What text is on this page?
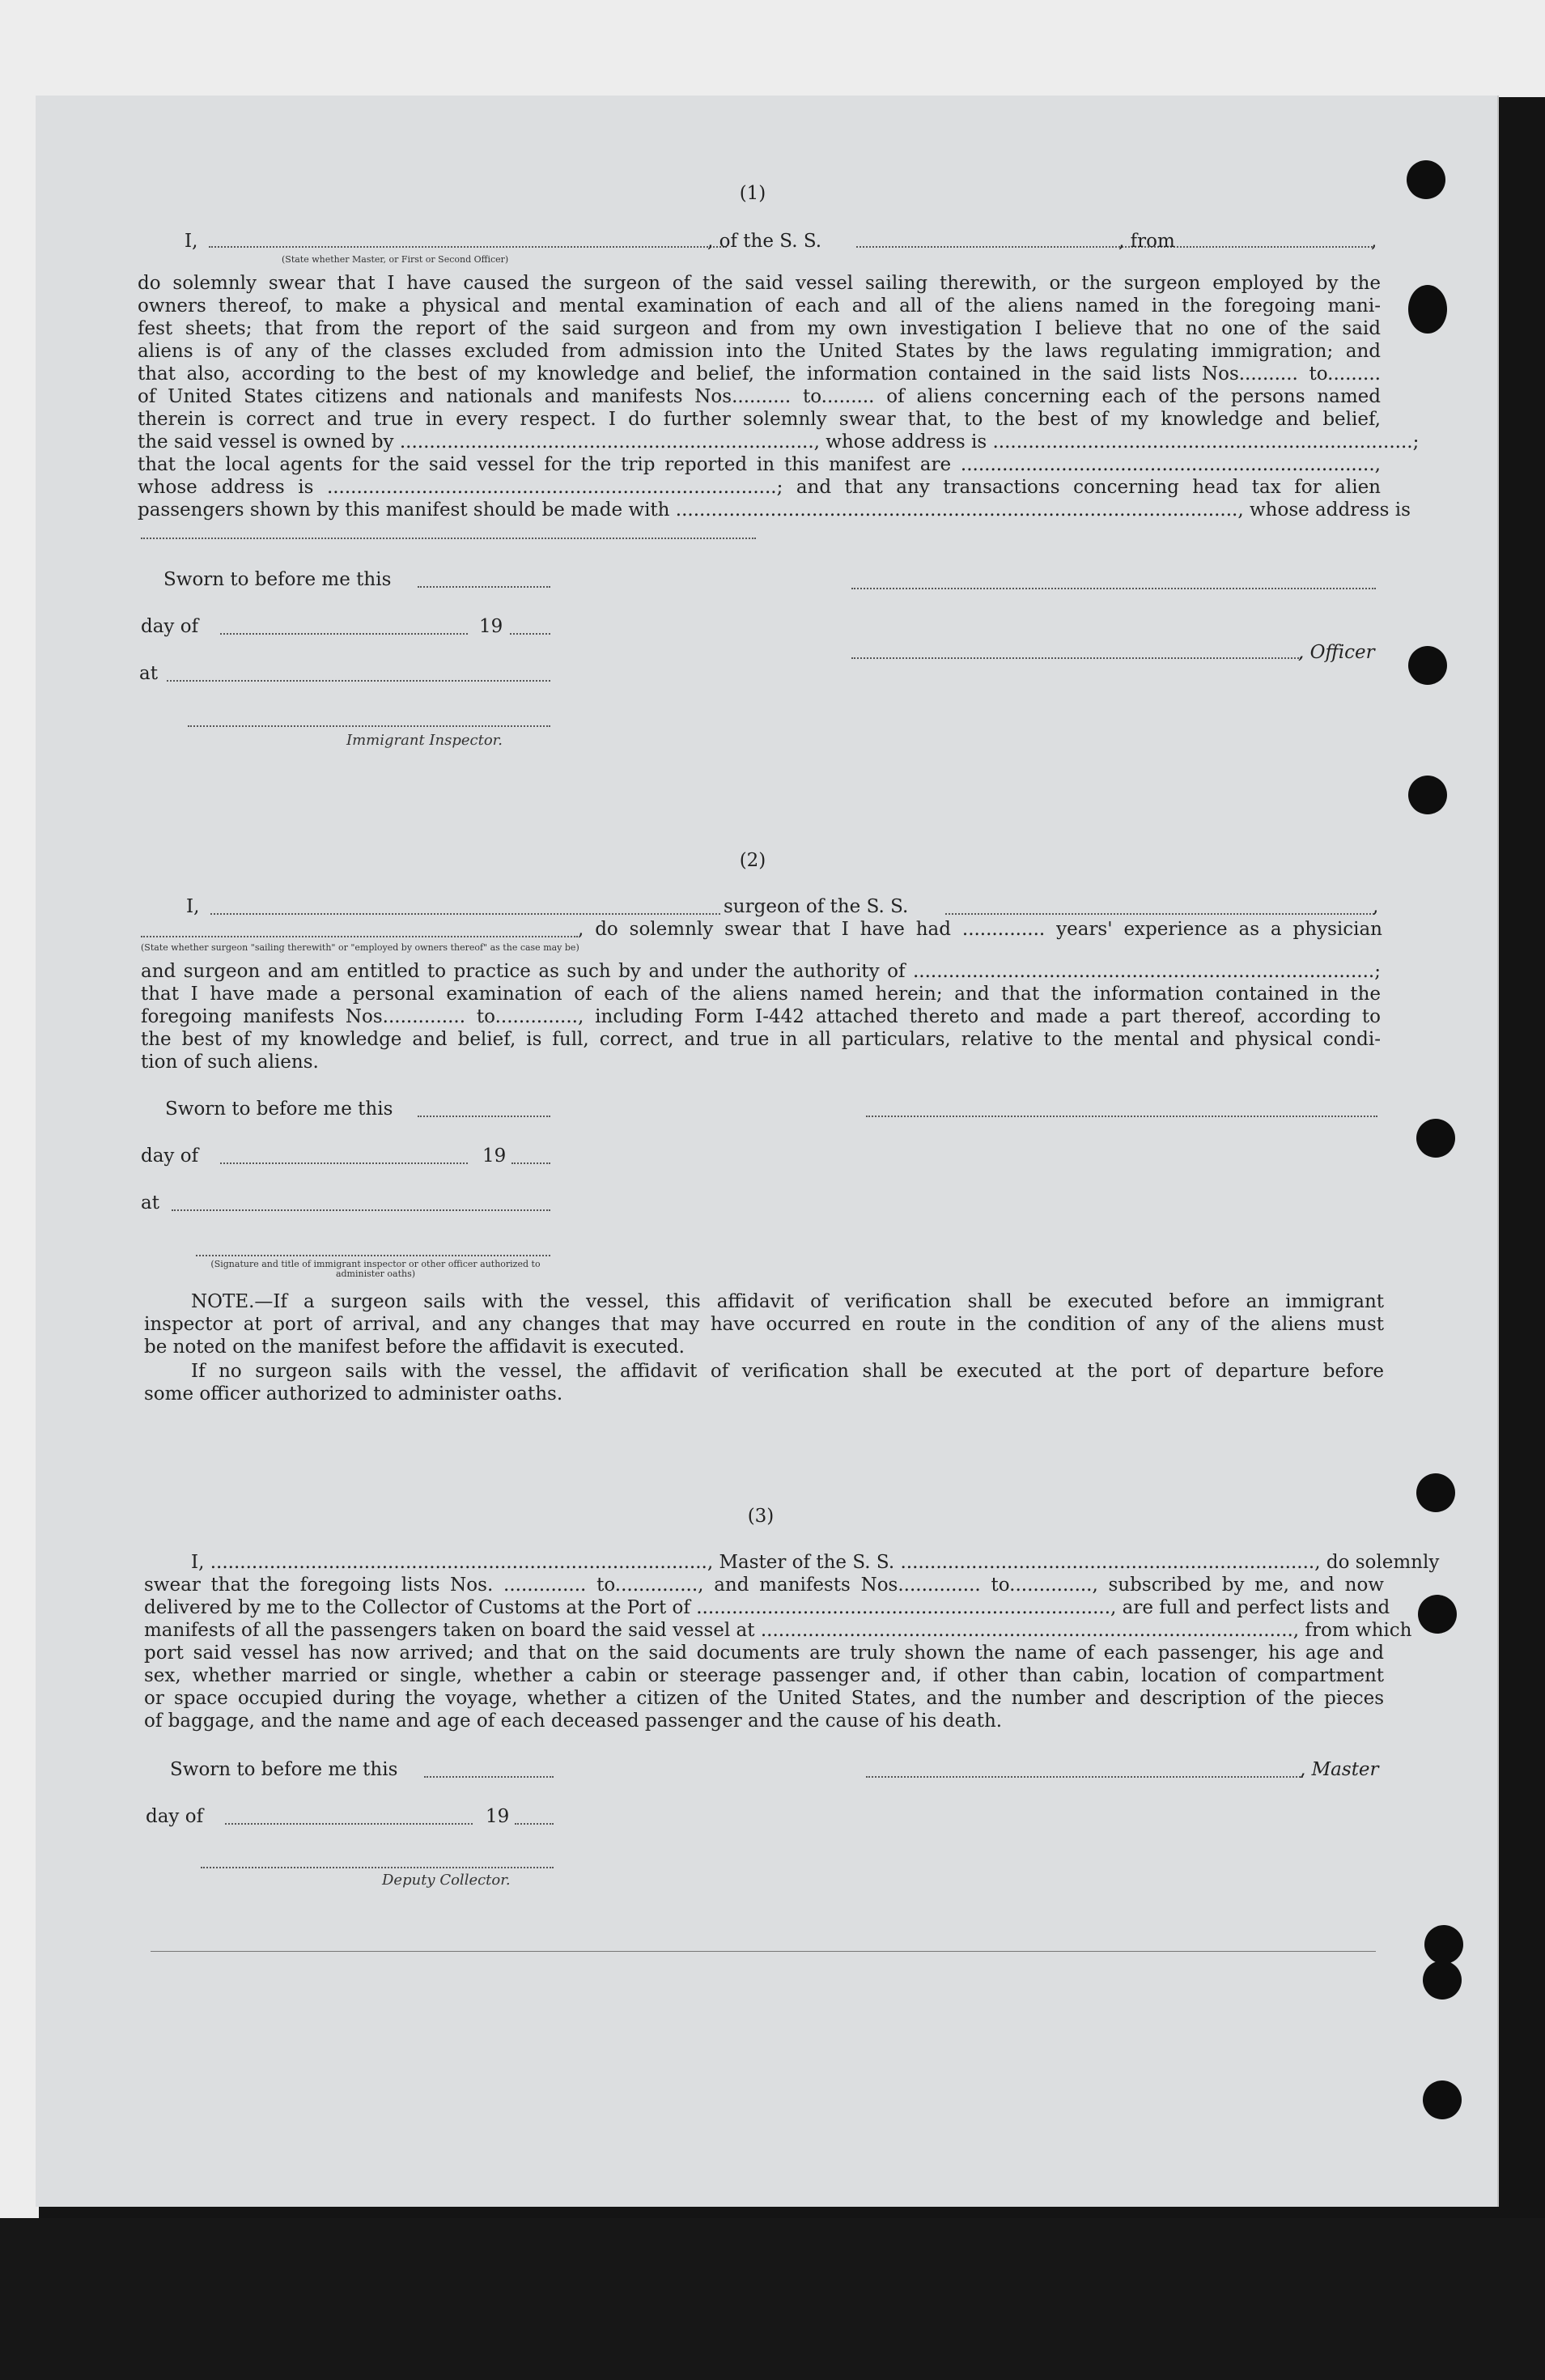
(1)
I,	, of the S. S.	, from	,
(State whether Master, or First or Second Officer)
do solemnly swear that I have caused the surgeon of the said vessel sailing therewith, or the surgeon employed by the
owners thereof, to make a physical and mental examination of each and all of the aliens named in the foregoing mani-
fest sheets; that from the report of the said surgeon and from my own investigation I believe that no one of the said
aliens is of any of the classes excluded from admission into the United States by the laws regulating immigration; and
that also, according to the best of my knowledge and belief, the information contained in the said lists Nos.......... to.........
of United States citizens and nationals and manifests Nos.......... to......... of aliens concerning each of the persons named
therein is correct and true in every respect. I do further solemnly swear that, to the best of my knowledge and belief,
the said vessel is owned by ......................................................................, whose address is .......................................................................;
that the local agents for the said vessel for the trip reported in this manifest are ......................................................................,
whose address is ............................................................................; and that any transactions concerning head tax for alien
passengers shown by this manifest should be made with ..............................................................................................., whose address is
Sworn to before me this
day of	19
at
Immigrant Inspector.
, Officer
(2)
I,	surgeon of the S. S.	,
, do solemnly swear that I have had .............. years' experience as a physician
(State whether surgeon "sailing therewith" or "employed by owners thereof" as the case may be)
and surgeon and am entitled to practice as such by and under the authority of ..............................................................................;
that I have made a personal examination of each of the aliens named herein; and that the information contained in the
foregoing manifests Nos.............. to.............., including Form I-442 attached thereto and made a part thereof, according to
the best of my knowledge and belief, is full, correct, and true in all particulars, relative to the mental and physical condi-
tion of such aliens.
Sworn to before me this
day of	19
at
(Signature and title of immigrant inspector or other officer authorized to administer oaths)
NOTE.—If a surgeon sails with the vessel, this affidavit of verification shall be executed before an immigrant
inspector at port of arrival, and any changes that may have occurred en route in the condition of any of the aliens must
be noted on the manifest before the affidavit is executed.
If no surgeon sails with the vessel, the affidavit of verification shall be executed at the port of departure before
some officer authorized to administer oaths.
(3)
I, ...................................................................................., Master of the S. S. ......................................................................, do solemnly
swear that the foregoing lists Nos. .............. to.............., and manifests Nos.............. to.............., subscribed by me, and now
delivered by me to the Collector of Customs at the Port of ......................................................................, are full and perfect lists and
manifests of all the passengers taken on board the said vessel at .........................................................................................., from which
port said vessel has now arrived; and that on the said documents are truly shown the name of each passenger, his age and
sex, whether married or single, whether a cabin or steerage passenger and, if other than cabin, location of compartment
or space occupied during the voyage, whether a citizen of the United States, and the number and description of the pieces
of baggage, and the name and age of each deceased passenger and the cause of his death.
Sworn to before me this	, Master
day of	19
Deputy Collector.
